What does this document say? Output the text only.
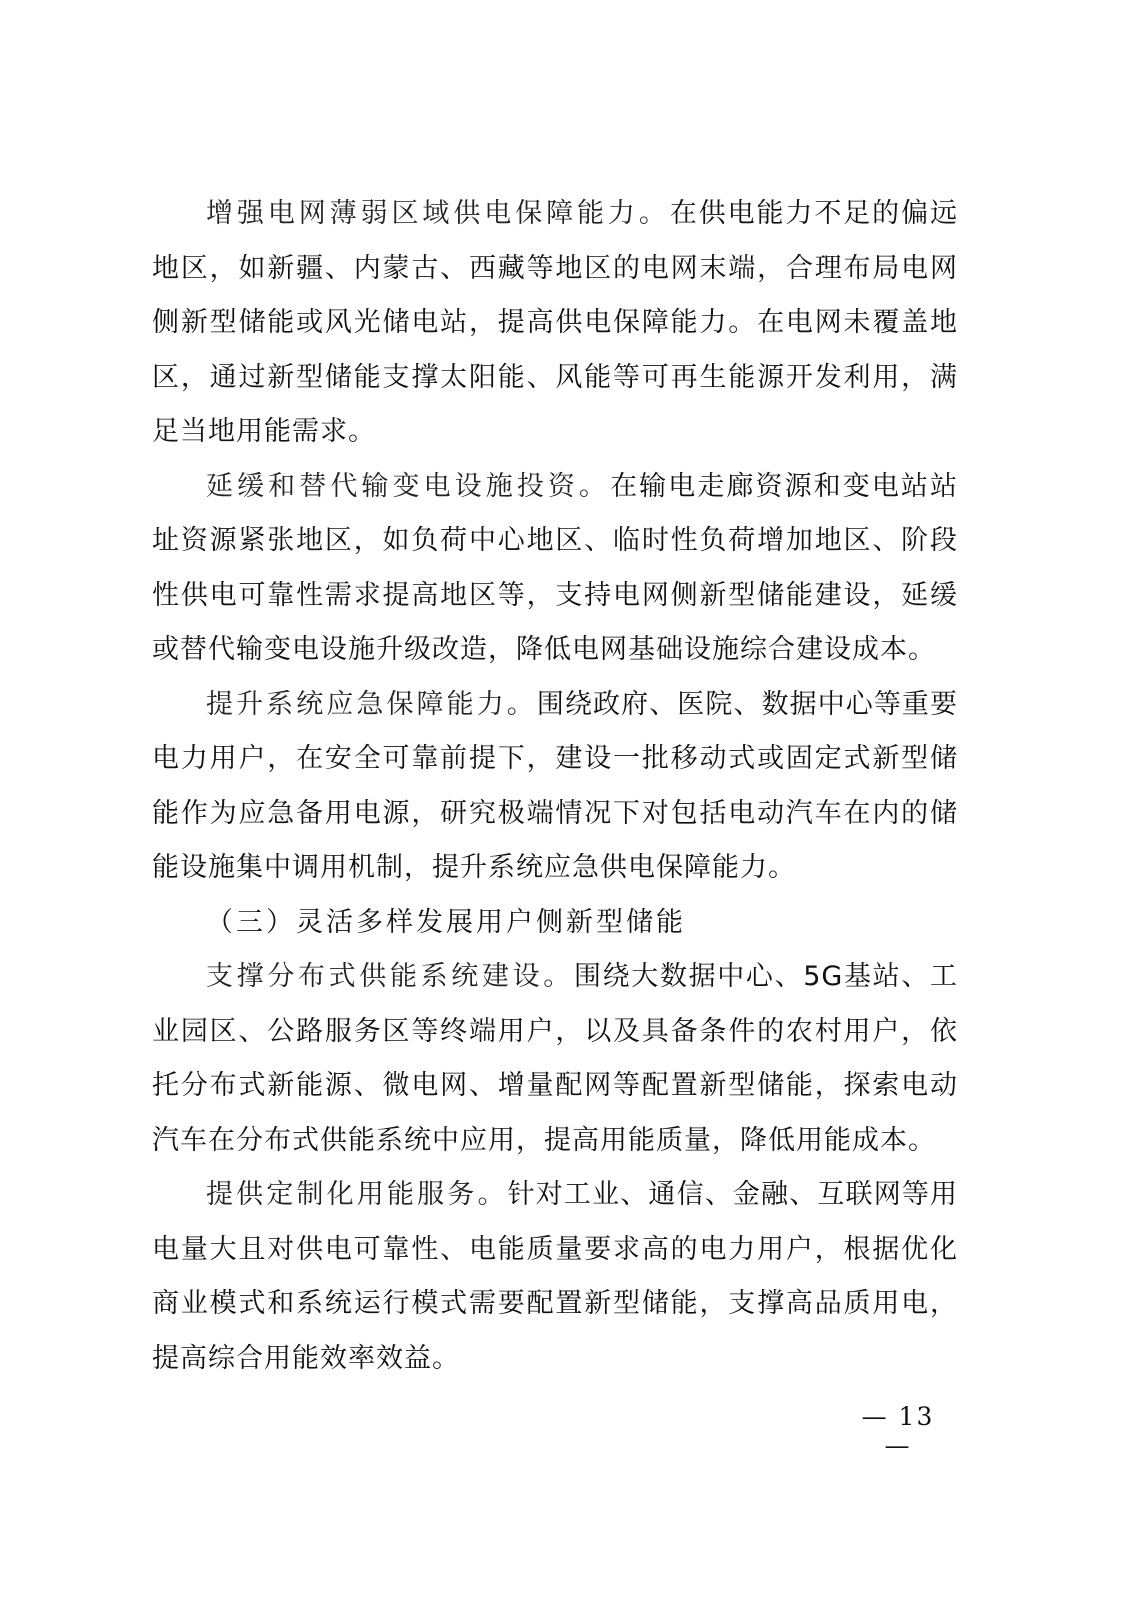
增强电网薄弱区域供电保障能力。在供电能力不足的偏远地区，如新疆、内蒙古、西藏等地区的电网末端，合理布局电网侧新型储能或风光储电站，提高供电保障能力。在电网未覆盖地区，通过新型储能支撑太阳能、风能等可再生能源开发利用，满足当地用能需求。

延缓和替代输变电设施投资。在输电走廊资源和变电站站址资源紧张地区，如负荷中心地区、临时性负荷增加地区、阶段性供电可靠性需求提高地区等，支持电网侧新型储能建设，延缓或替代输变电设施升级改造，降低电网基础设施综合建设成本。

提升系统应急保障能力。围绕政府、医院、数据中心等重要电力用户，在安全可靠前提下，建设一批移动式或固定式新型储能作为应急备用电源，研究极端情况下对包括电动汽车在内的储能设施集中调用机制，提升系统应急供电保障能力。

（三）灵活多样发展用户侧新型储能

支撑分布式供能系统建设。围绕大数据中心、5G基站、工业园区、公路服务区等终端用户，以及具备条件的农村用户，依托分布式新能源、微电网、增量配网等配置新型储能，探索电动汽车在分布式供能系统中应用，提高用能质量，降低用能成本。

提供定制化用能服务。针对工业、通信、金融、互联网等用电量大且对供电可靠性、电能质量要求高的电力用户，根据优化商业模式和系统运行模式需要配置新型储能，支撑高品质用电，提高综合用能效率效益。

— 13 —
